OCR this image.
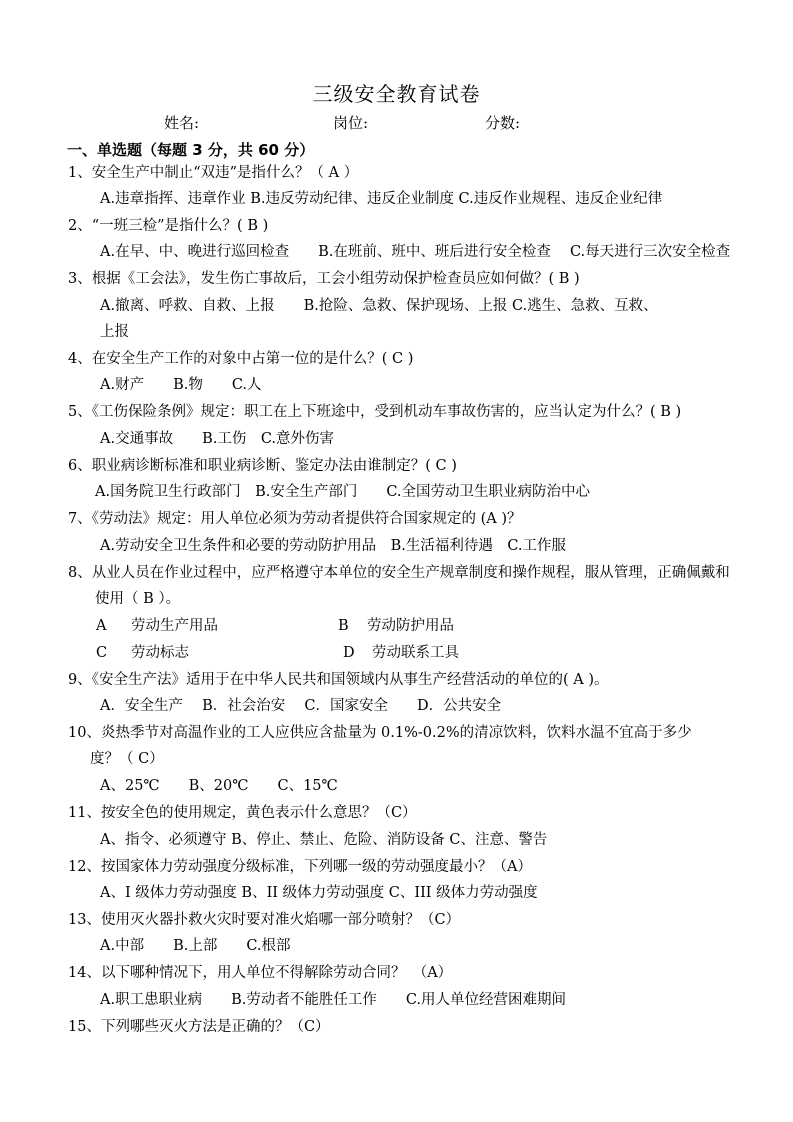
三级安全教育试卷
姓名:	岗位:	分数:
一、单选题（每题 3 分，共 60 分）
1、安全生产中制止“双违”是指什么？（ A ）
A.违章指挥、违章作业 B.违反劳动纪律、违反企业制度 C.违反作业规程、违反企业纪律
2、“一班三检”是指什么？( B )
A.在早、中、晚进行巡回检查　　B.在班前、班中、班后进行安全检查　 C.每天进行三次安全检查
3、根据《工会法》，发生伤亡事故后，工会小组劳动保护检查员应如何做？( B )
A.撤离、呼救、自救、上报　　B.抢险、急救、保护现场、上报 C.逃生、急救、互救、
上报
4、在安全生产工作的对象中占第一位的是什么？( C )
A.财产　　B.物　　C.人
5、《工伤保险条例》规定：职工在上下班途中，受到机动车事故伤害的，应当认定为什么？( B )
A.交通事故　　B.工伤　C.意外伤害
6、职业病诊断标准和职业病诊断、鉴定办法由谁制定？( C )
A.国务院卫生行政部门　B.安全生产部门　　C.全国劳动卫生职业病防治中心
7、《劳动法》规定：用人单位必须为劳动者提供符合国家规定的 (A )？
A.劳动安全卫生条件和必要的劳动防护用品　B.生活福利待遇　C.工作服
8、从业人员在作业过程中，应严格遵守本单位的安全生产规章制度和操作规程，服从管理，正确佩戴和
使用（ B ）。
A 劳动生产用品	B 劳动防护用品
C 劳动标志	D 劳动联系工具
9、《安全生产法》适用于在中华人民共和国领域内从事生产经营活动的单位的( A )。
A．安全生产　 B．社会治安　 C．国家安全　　D．公共安全
10、炎热季节对高温作业的工人应供应含盐量为 0.1%-0.2%的清凉饮料，饮料水温不宜高于多少
度？（ C）
A、25℃　　B、20℃　　C、15℃
11、按安全色的使用规定，黄色表示什么意思？（C）
A、指令、必须遵守 B、停止、禁止、危险、消防设备 C、注意、警告
12、按国家体力劳动强度分级标准，下列哪一级的劳动强度最小？（A）
A、I 级体力劳动强度 B、II 级体力劳动强度 C、III 级体力劳动强度
13、使用灭火器扑救火灾时要对准火焰哪一部分喷射？（C）
A.中部　　B.上部　　C.根部
14、以下哪种情况下，用人单位不得解除劳动合同？　（A）
A.职工患职业病　　B.劳动者不能胜任工作　　C.用人单位经营困难期间
15、下列哪些灭火方法是正确的？（C）
